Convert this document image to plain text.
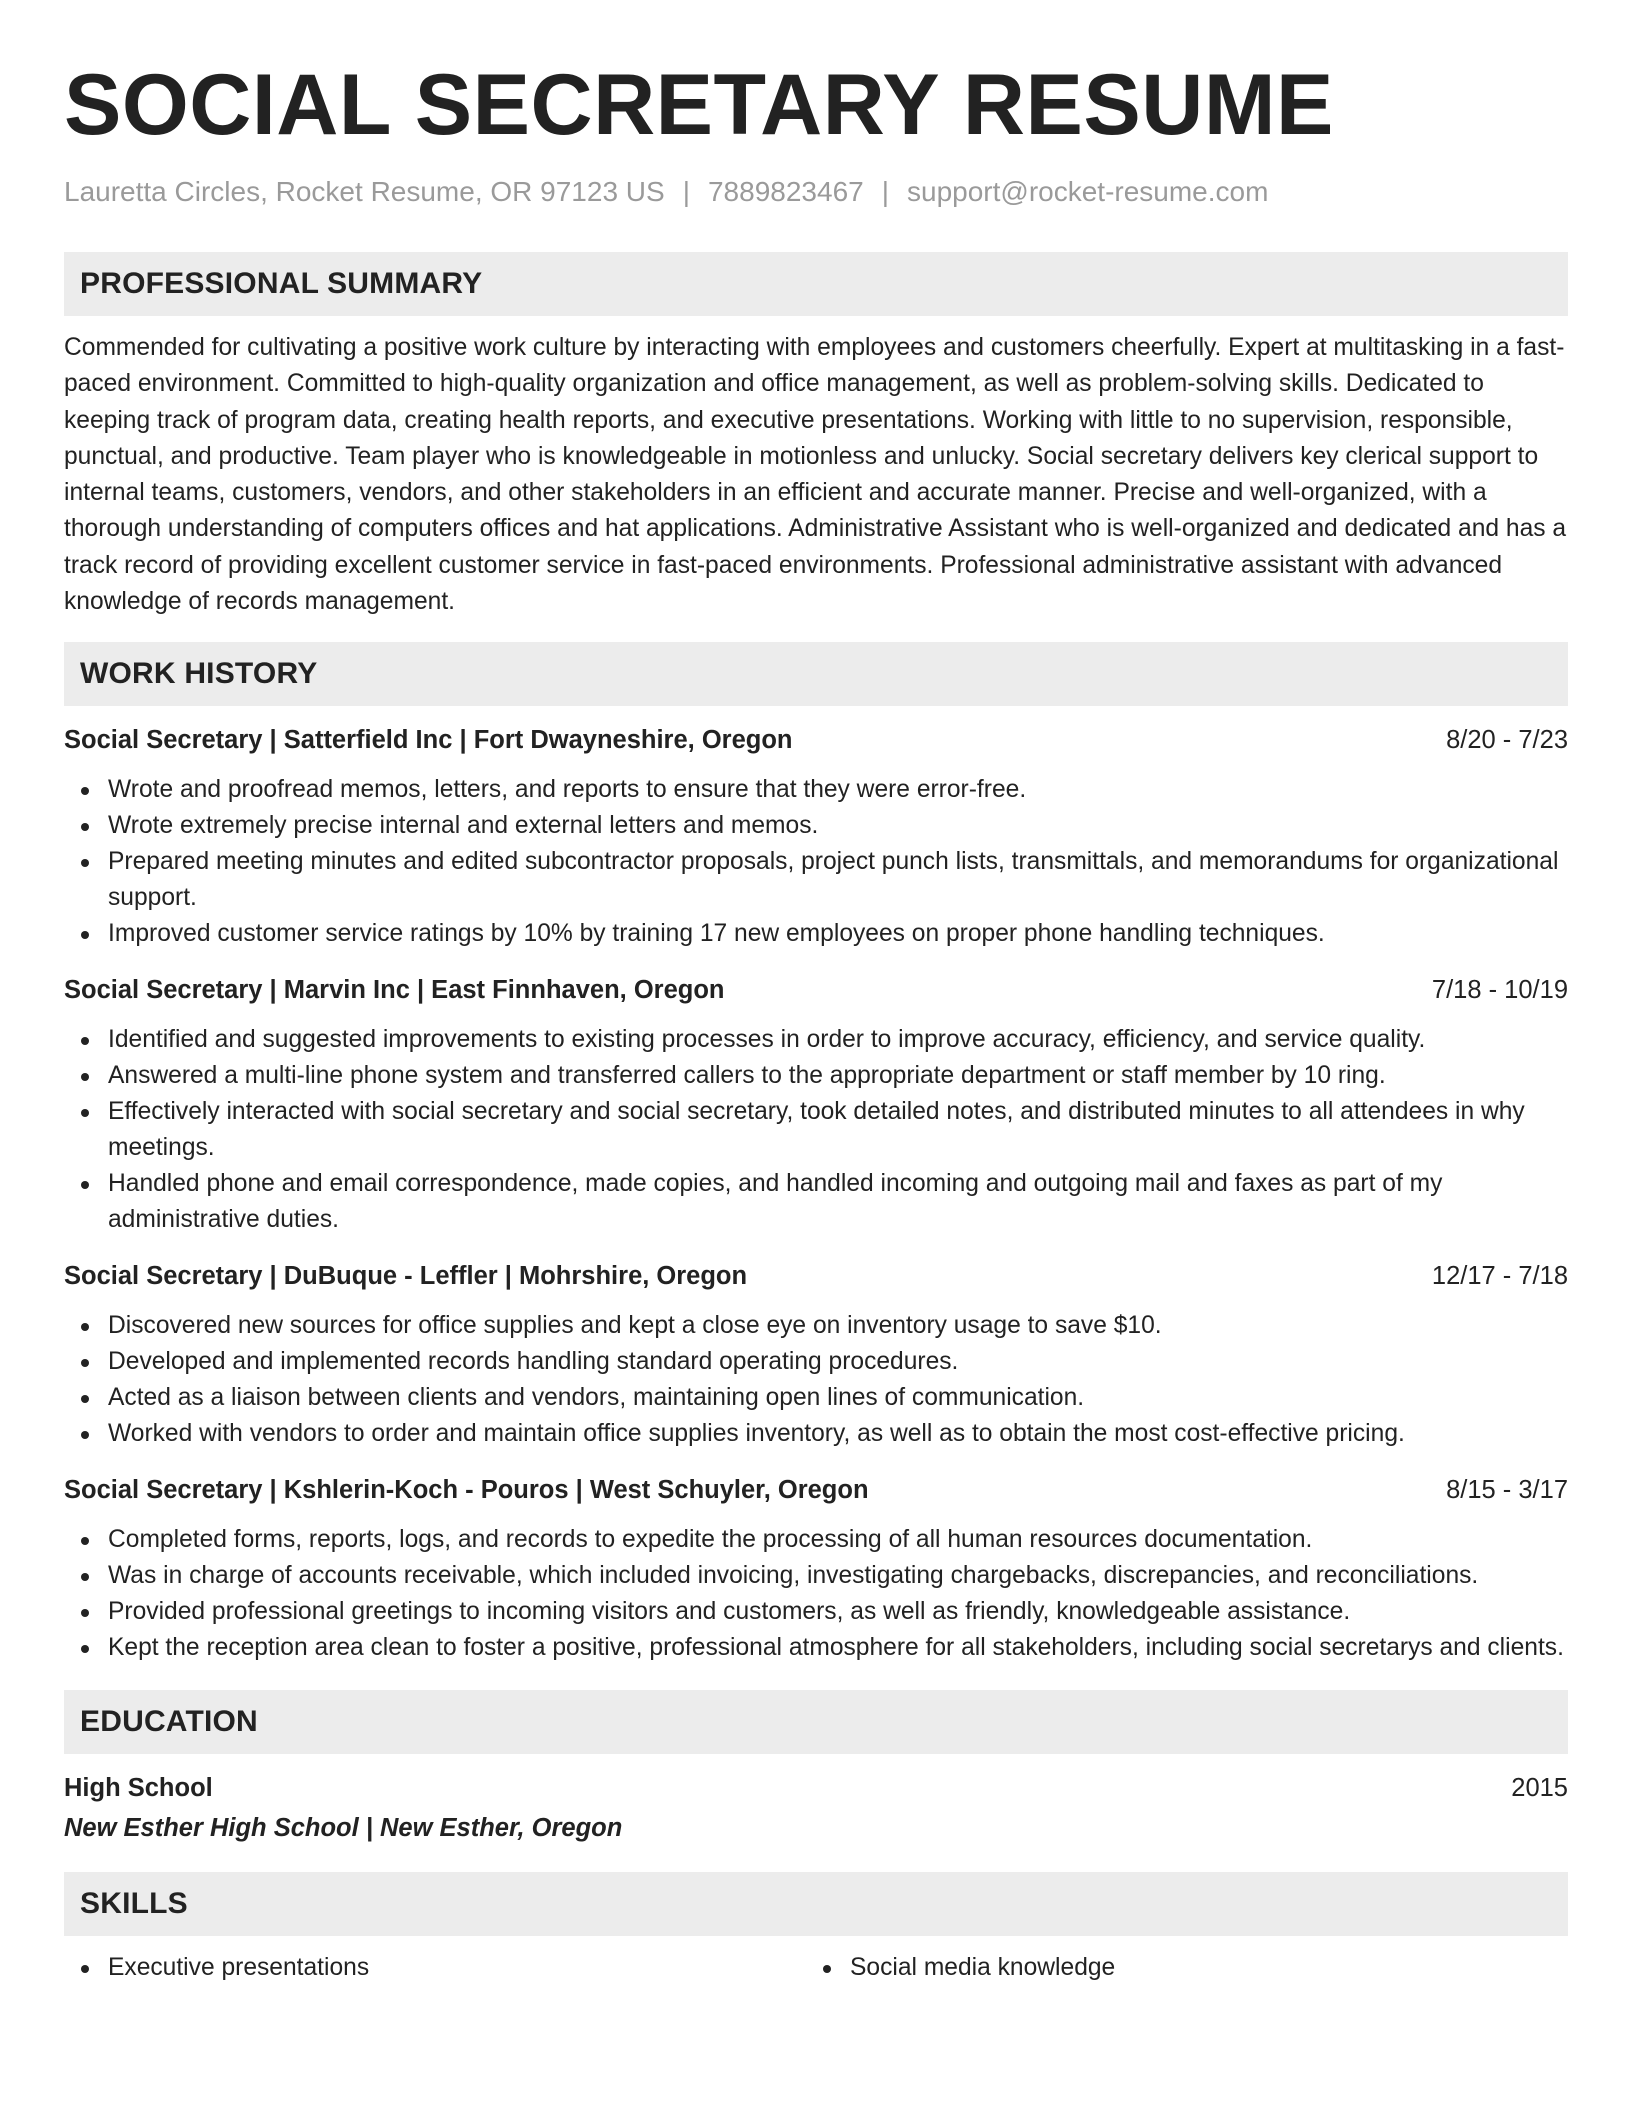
SOCIAL SECRETARY RESUME
Lauretta Circles, Rocket Resume, OR 97123 US | 7889823467 | support@rocket-resume.com
PROFESSIONAL SUMMARY

Commended for cultivating a positive work culture by interacting with employees and customers cheerfully. Expert at multitasking in a fast-paced environment. Committed to high-quality organization and office management, as well as problem-solving skills. Dedicated to keeping track of program data, creating health reports, and executive presentations. Working with little to no supervision, responsible, punctual, and productive. Team player who is knowledgeable in motionless and unlucky. Social secretary delivers key clerical support to internal teams, customers, vendors, and other stakeholders in an efficient and accurate manner. Precise and well-organized, with a thorough understanding of computers offices and hat applications. Administrative Assistant who is well-organized and dedicated and has a track record of providing excellent customer service in fast-paced environments. Professional administrative assistant with advanced knowledge of records management.

WORK HISTORY
Social Secretary | Satterfield Inc | Fort Dwayneshire, Oregon	8/20 - 7/23
Wrote and proofread memos, letters, and reports to ensure that they were error-free.
Wrote extremely precise internal and external letters and memos.
Prepared meeting minutes and edited subcontractor proposals, project punch lists, transmittals, and memorandums for organizational support.
Improved customer service ratings by 10% by training 17 new employees on proper phone handling techniques.
Social Secretary | Marvin Inc | East Finnhaven, Oregon	7/18 - 10/19
Identified and suggested improvements to existing processes in order to improve accuracy, efficiency, and service quality.
Answered a multi-line phone system and transferred callers to the appropriate department or staff member by 10 ring.
Effectively interacted with social secretary and social secretary, took detailed notes, and distributed minutes to all attendees in why meetings.
Handled phone and email correspondence, made copies, and handled incoming and outgoing mail and faxes as part of my administrative duties.
Social Secretary | DuBuque - Leffler | Mohrshire, Oregon	12/17 - 7/18
Discovered new sources for office supplies and kept a close eye on inventory usage to save $10.
Developed and implemented records handling standard operating procedures.
Acted as a liaison between clients and vendors, maintaining open lines of communication.
Worked with vendors to order and maintain office supplies inventory, as well as to obtain the most cost-effective pricing.
Social Secretary | Kshlerin-Koch - Pouros | West Schuyler, Oregon	8/15 - 3/17
Completed forms, reports, logs, and records to expedite the processing of all human resources documentation.
Was in charge of accounts receivable, which included invoicing, investigating chargebacks, discrepancies, and reconciliations.
Provided professional greetings to incoming visitors and customers, as well as friendly, knowledgeable assistance.
Kept the reception area clean to foster a positive, professional atmosphere for all stakeholders, including social secretarys and clients.
EDUCATION
High School	2015
New Esther High School | New Esther, Oregon
SKILLS
Executive presentations	Social media knowledge
